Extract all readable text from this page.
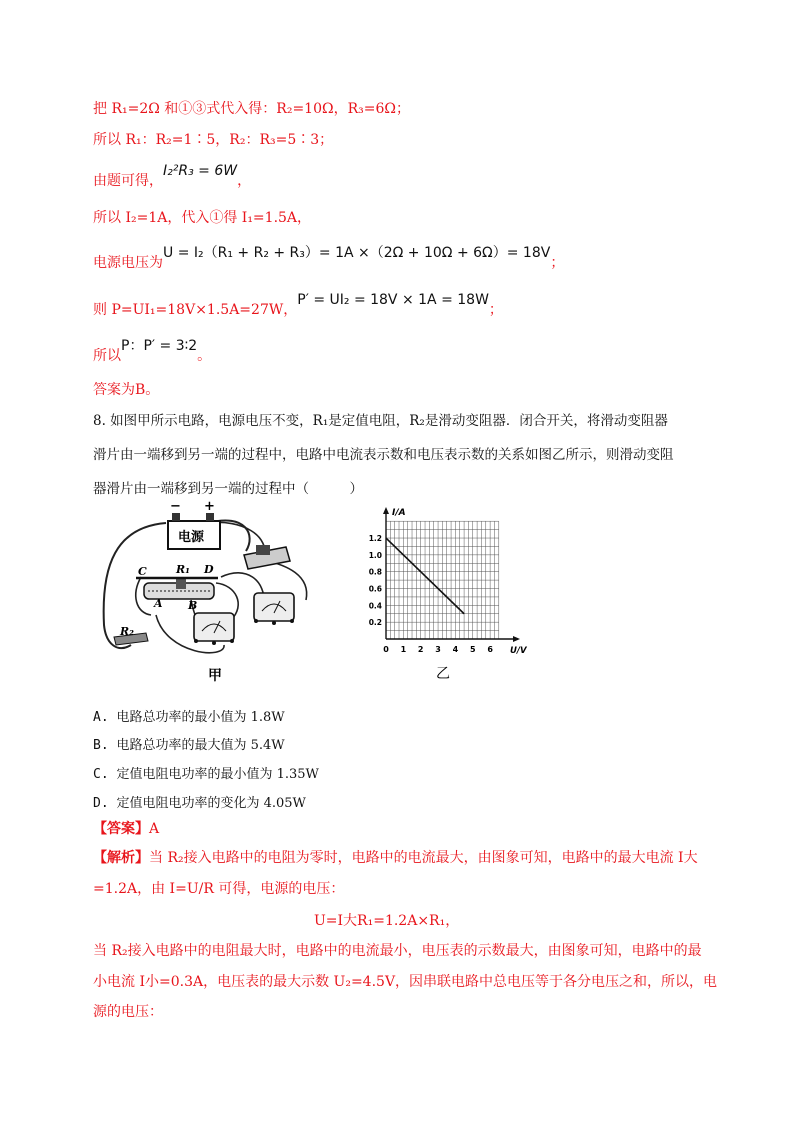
把 R₁=2Ω 和①③式代入得：R₂=10Ω，R₃=6Ω；
所以 R₁：R₂=1∶5，R₂：R₃=5∶3；
由题可得，I₂²R₃ = 6W，
所以 I₂=1A，代入①得 I₁=1.5A，
电源电压为U = I₂（R₁ + R₂ + R₃）= 1A ×（2Ω + 10Ω + 6Ω）= 18V；
则 P=UI₁=18V×1.5A=27W，P′ = UI₂ = 18V × 1A = 18W；
所以P：P′ = 3∶2。
答案为B。
8. 如图甲所示电路，电源电压不变，R₁是定值电阻，R₂是滑动变阻器．闭合开关，将滑动变阻器
滑片由一端移到另一端的过程中，电路中电流表示数和电压表示数的关系如图乙所示，则滑动变阻
器滑片由一端移到另一端的过程中（　　　）
− +
电源
C	R₁ D
A B
R₂
甲
0 1 2 3 4 5 6
0.2
0.4
0.6
0.8
1.0
1.2
I/A
U/V
乙
A. 电路总功率的最小值为 1.8W
B. 电路总功率的最大值为 5.4W
C. 定值电阻电功率的最小值为 1.35W
D. 定值电阻电功率的变化为 4.05W
【答案】A
【解析】当 R₂接入电路中的电阻为零时，电路中的电流最大，由图象可知，电路中的最大电流 I大
=1.2A，由 I=U/R 可得，电源的电压：
U=I大R₁=1.2A×R₁，
当 R₂接入电路中的电阻最大时，电路中的电流最小，电压表的示数最大，由图象可知，电路中的最
小电流 I小=0.3A，电压表的最大示数 U₂=4.5V，因串联电路中总电压等于各分电压之和，所以，电
源的电压：
